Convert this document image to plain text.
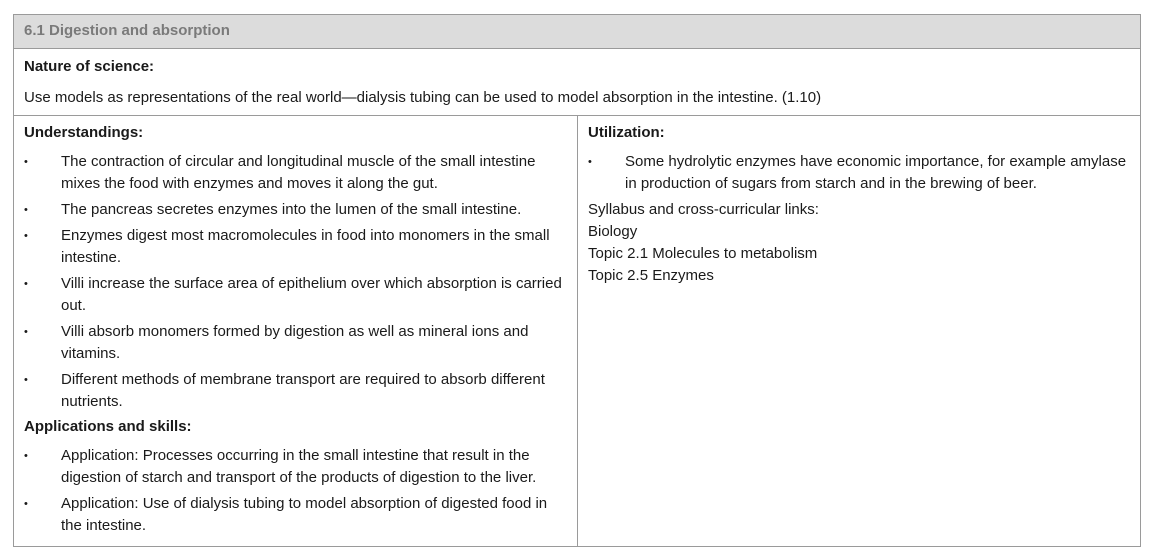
6.1 Digestion and absorption
Nature of science:
Use models as representations of the real world—dialysis tubing can be used to model absorption in the intestine. (1.10)
Understandings:
•	The contraction of circular and longitudinal muscle of the small intestine mixes the food with enzymes and moves it along the gut.
•	The pancreas secretes enzymes into the lumen of the small intestine.
•	Enzymes digest most macromolecules in food into monomers in the small intestine.
•	Villi increase the surface area of epithelium over which absorption is carried out.
•	Villi absorb monomers formed by digestion as well as mineral ions and vitamins.
•	Different methods of membrane transport are required to absorb different nutrients.
Applications and skills:
•	Application: Processes occurring in the small intestine that result in the digestion of starch and transport of the products of digestion to the liver.
•	Application: Use of dialysis tubing to model absorption of digested food in the intestine.
Utilization:
•	Some hydrolytic enzymes have economic importance, for example amylase in production of sugars from starch and in the brewing of beer.
Syllabus and cross-curricular links:
Biology
Topic 2.1 Molecules to metabolism
Topic 2.5 Enzymes
